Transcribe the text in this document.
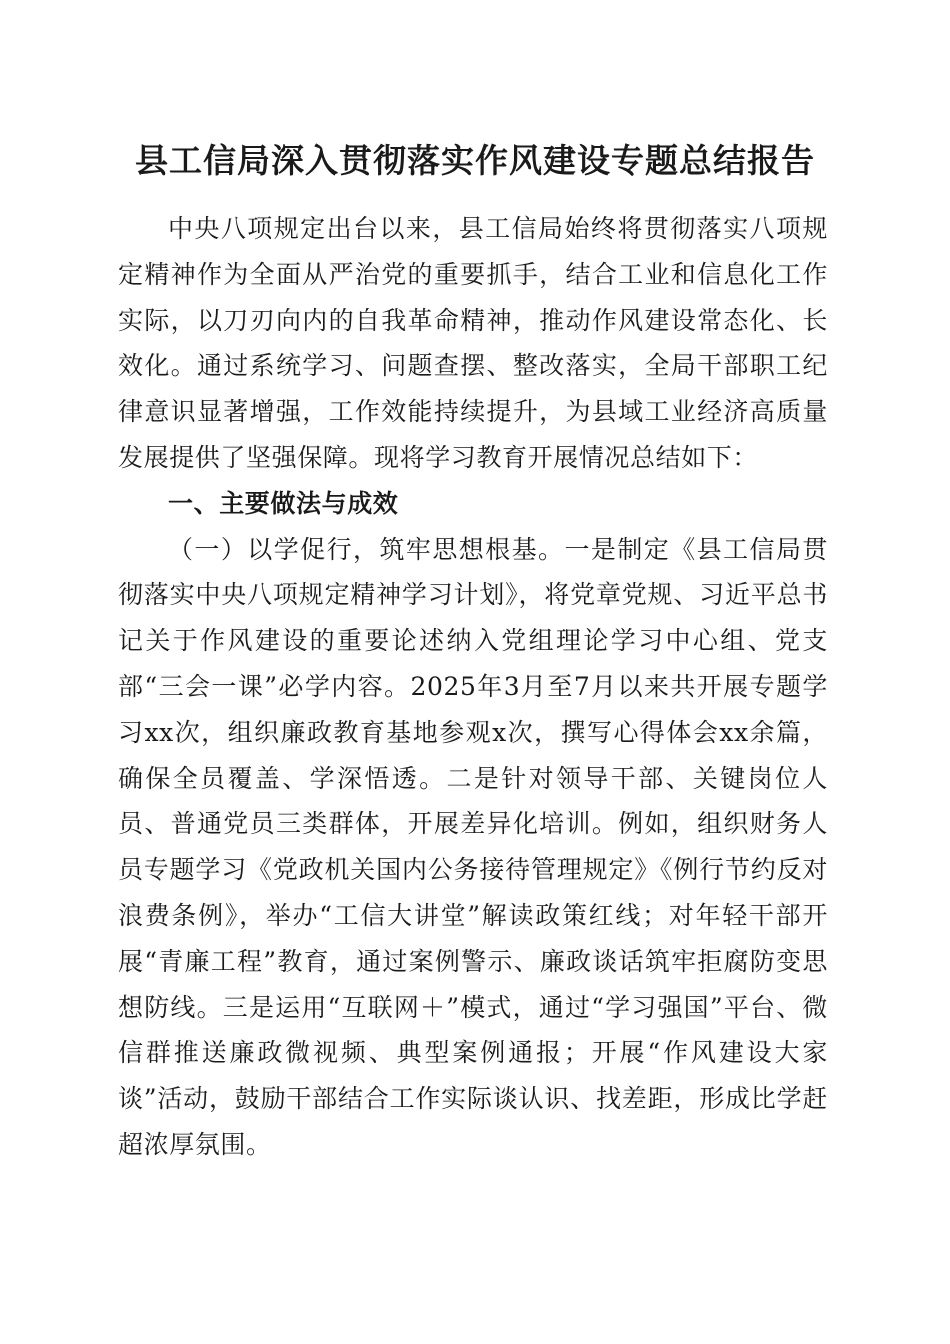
县工信局深入贯彻落实作风建设专题总结报告

中央八项规定出台以来，县工信局始终将贯彻落实八项规定精神作为全面从严治党的重要抓手，结合工业和信息化工作实际，以刀刃向内的自我革命精神，推动作风建设常态化、长效化。通过系统学习、问题查摆、整改落实，全局干部职工纪律意识显著增强，工作效能持续提升，为县域工业经济高质量发展提供了坚强保障。现将学习教育开展情况总结如下：

一、主要做法与成效

（一）以学促行，筑牢思想根基。一是制定《县工信局贯彻落实中央八项规定精神学习计划》，将党章党规、习近平总书记关于作风建设的重要论述纳入党组理论学习中心组、党支部“三会一课”必学内容。2025年3月至7月以来共开展专题学习xx次，组织廉政教育基地参观x次，撰写心得体会xx余篇，确保全员覆盖、学深悟透。二是针对领导干部、关键岗位人员、普通党员三类群体，开展差异化培训。例如，组织财务人员专题学习《党政机关国内公务接待管理规定》《例行节约反对浪费条例》，举办“工信大讲堂”解读政策红线；对年轻干部开展“青廉工程”教育，通过案例警示、廉政谈话筑牢拒腐防变思想防线。三是运用“互联网＋”模式，通过“学习强国”平台、微信群推送廉政微视频、典型案例通报；开展“作风建设大家谈”活动，鼓励干部结合工作实际谈认识、找差距，形成比学赶超浓厚氛围。
